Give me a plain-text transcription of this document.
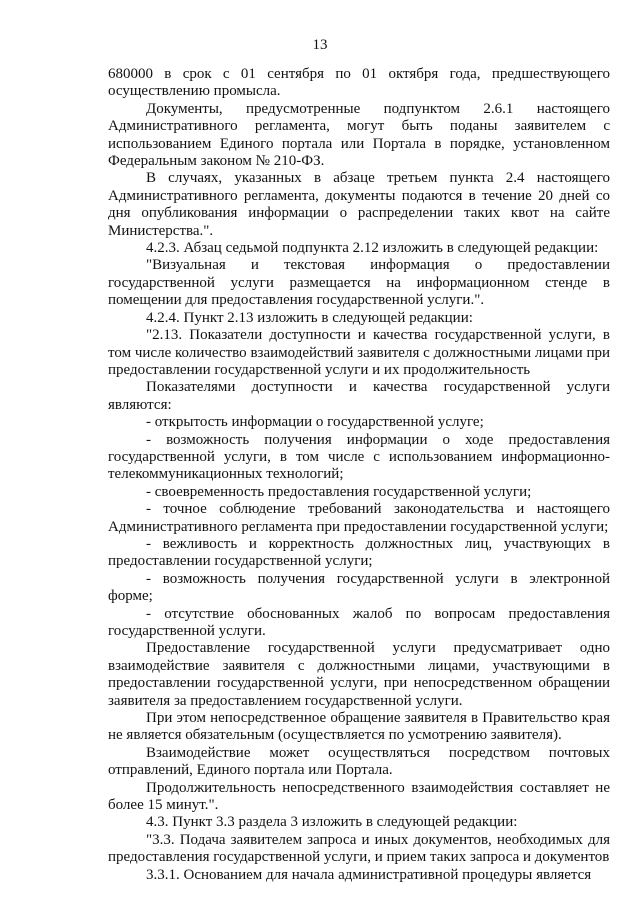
13

680000 в срок с 01 сентября по 01 октября года, предшествующего осуществлению промысла.

Документы, предусмотренные подпунктом 2.6.1 настоящего Административного регламента, могут быть поданы заявителем с использованием Единого портала или Портала в порядке, установленном Федеральным законом № 210-ФЗ.

В случаях, указанных в абзаце третьем пункта 2.4 настоящего Административного регламента, документы подаются в течение 20 дней со дня опубликования информации о распределении таких квот на сайте Министерства.".

4.2.3. Абзац седьмой подпункта 2.12 изложить в следующей редакции:

"Визуальная и текстовая информация о предоставлении государственной услуги размещается на информационном стенде в помещении для предоставления государственной услуги.".

4.2.4. Пункт 2.13 изложить в следующей редакции:

"2.13. Показатели доступности и качества государственной услуги, в том числе количество взаимодействий заявителя с должностными лицами при предоставлении государственной услуги и их продолжительность

Показателями доступности и качества государственной услуги являются:

- открытость информации о государственной услуге;

- возможность получения информации о ходе предоставления государственной услуги, в том числе с использованием информационно-телекоммуникационных технологий;

- своевременность предоставления государственной услуги;

- точное соблюдение требований законодательства и настоящего Административного регламента при предоставлении государственной услуги;

- вежливость и корректность должностных лиц, участвующих в предоставлении государственной услуги;

- возможность получения государственной услуги в электронной форме;

- отсутствие обоснованных жалоб по вопросам предоставления государственной услуги.

Предоставление государственной услуги предусматривает одно взаимодействие заявителя с должностными лицами, участвующими в предоставлении государственной услуги, при непосредственном обращении заявителя за предоставлением государственной услуги.

При этом непосредственное обращение заявителя в Правительство края не является обязательным (осуществляется по усмотрению заявителя).

Взаимодействие может осуществляться посредством почтовых отправлений, Единого портала или Портала.

Продолжительность непосредственного взаимодействия составляет не более 15 минут.".

4.3. Пункт 3.3 раздела 3 изложить в следующей редакции:

"3.3. Подача заявителем запроса и иных документов, необходимых для предоставления государственной услуги, и прием таких запроса и документов

3.3.1. Основанием для начала административной процедуры является
